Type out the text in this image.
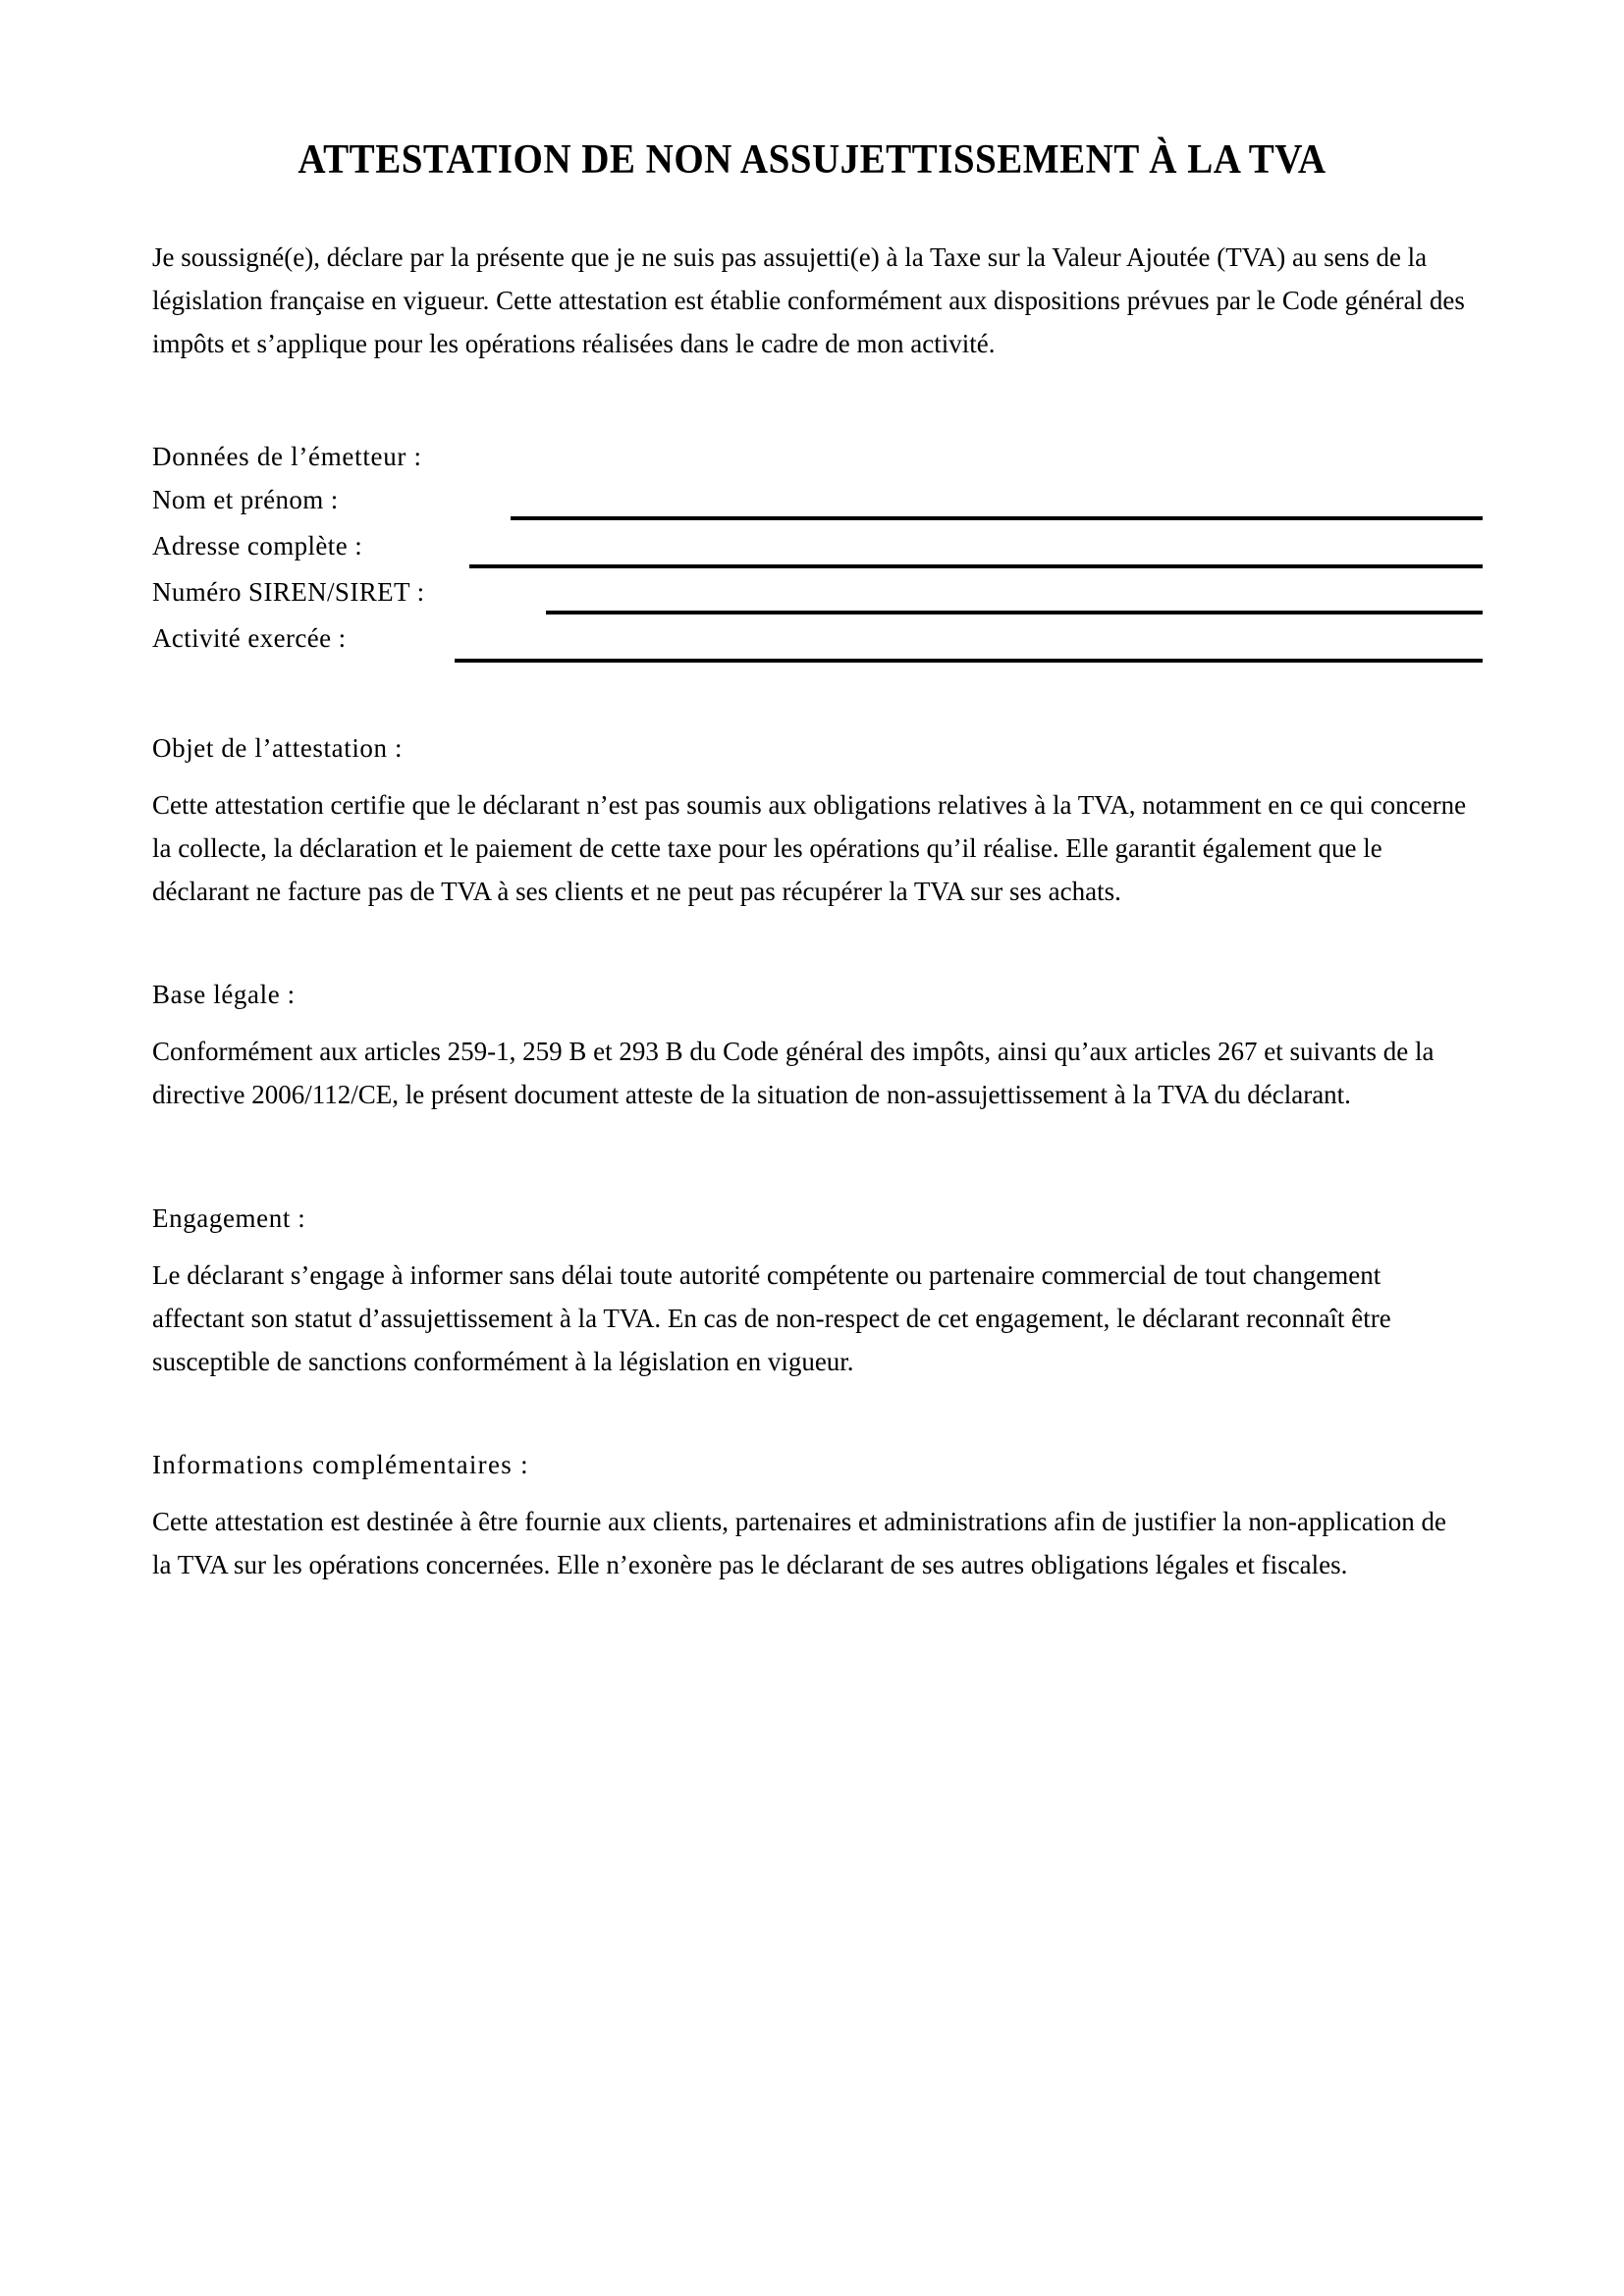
ATTESTATION DE NON ASSUJETTISSEMENT À LA TVA

Je soussigné(e), déclare par la présente que je ne suis pas assujetti(e) à la Taxe sur la Valeur Ajoutée (TVA) au sens de la législation française en vigueur. Cette attestation est établie conformément aux dispositions prévues par le Code général des impôts et s’applique pour les opérations réalisées dans le cadre de mon activité.

Données de l’émetteur :
Nom et prénom :
Adresse complète :
Numéro SIREN/SIRET :
Activité exercée :
Objet de l’attestation :

Cette attestation certifie que le déclarant n’est pas soumis aux obligations relatives à la TVA, notamment en ce qui concerne la collecte, la déclaration et le paiement de cette taxe pour les opérations qu’il réalise. Elle garantit également que le déclarant ne facture pas de TVA à ses clients et ne peut pas récupérer la TVA sur ses achats.

Base légale :

Conformément aux articles 259-1, 259 B et 293 B du Code général des impôts, ainsi qu’aux articles 267 et suivants de la directive 2006/112/CE, le présent document atteste de la situation de non-assujettissement à la TVA du déclarant.

Engagement :

Le déclarant s’engage à informer sans délai toute autorité compétente ou partenaire commercial de tout changement affectant son statut d’assujettissement à la TVA. En cas de non-respect de cet engagement, le déclarant reconnaît être susceptible de sanctions conformément à la législation en vigueur.

Informations complémentaires :

Cette attestation est destinée à être fournie aux clients, partenaires et administrations afin de justifier la non-application de la TVA sur les opérations concernées. Elle n’exonère pas le déclarant de ses autres obligations légales et fiscales.
